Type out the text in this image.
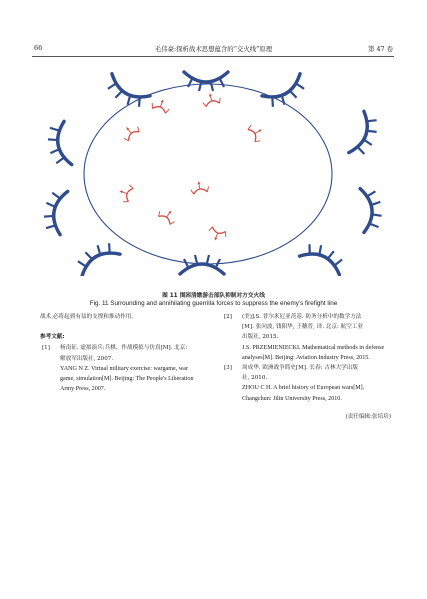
66	毛伟豪:探析战术思想蕴含的“交火线”原理	第 47 卷
图 11 围困清缴游击部队抑制对方交火线
Fig. 11 Surrounding and annihilating guerrilla forces to suppress the enemy's firefight line

战术,必将起到有益的支撑和推动作用。

参考文献:

[1] 杨南征. 虚拟演兵:兵棋、作战模拟与仿真[M]. 北京:

解放军出版社, 2007.

YANG N Z. Virtual military exercise: wargame, war

game, simulation[M]. Beijing: The People's Liberation

Army Press, 2007.

[2] (美)J.S. 普尔米尼亚茨基. 防务分析中的数学方法

[M]. 张向波, 钱阳华, 王穗普, 译. 北京: 航空工业

出版社, 2015.

J.S. PRZEMIENIECKI. Mathematical methods in defense

analyses[M]. Beijing: Aviation Industry Press, 2015.

[3] 周成华. 欧洲战争简史[M]. 长春: 吉林大学出版

社, 2010.

ZHOU C H. A brief history of European wars[M].

Changchun: Jilin University Press, 2010.

(责任编辑:张培培)
